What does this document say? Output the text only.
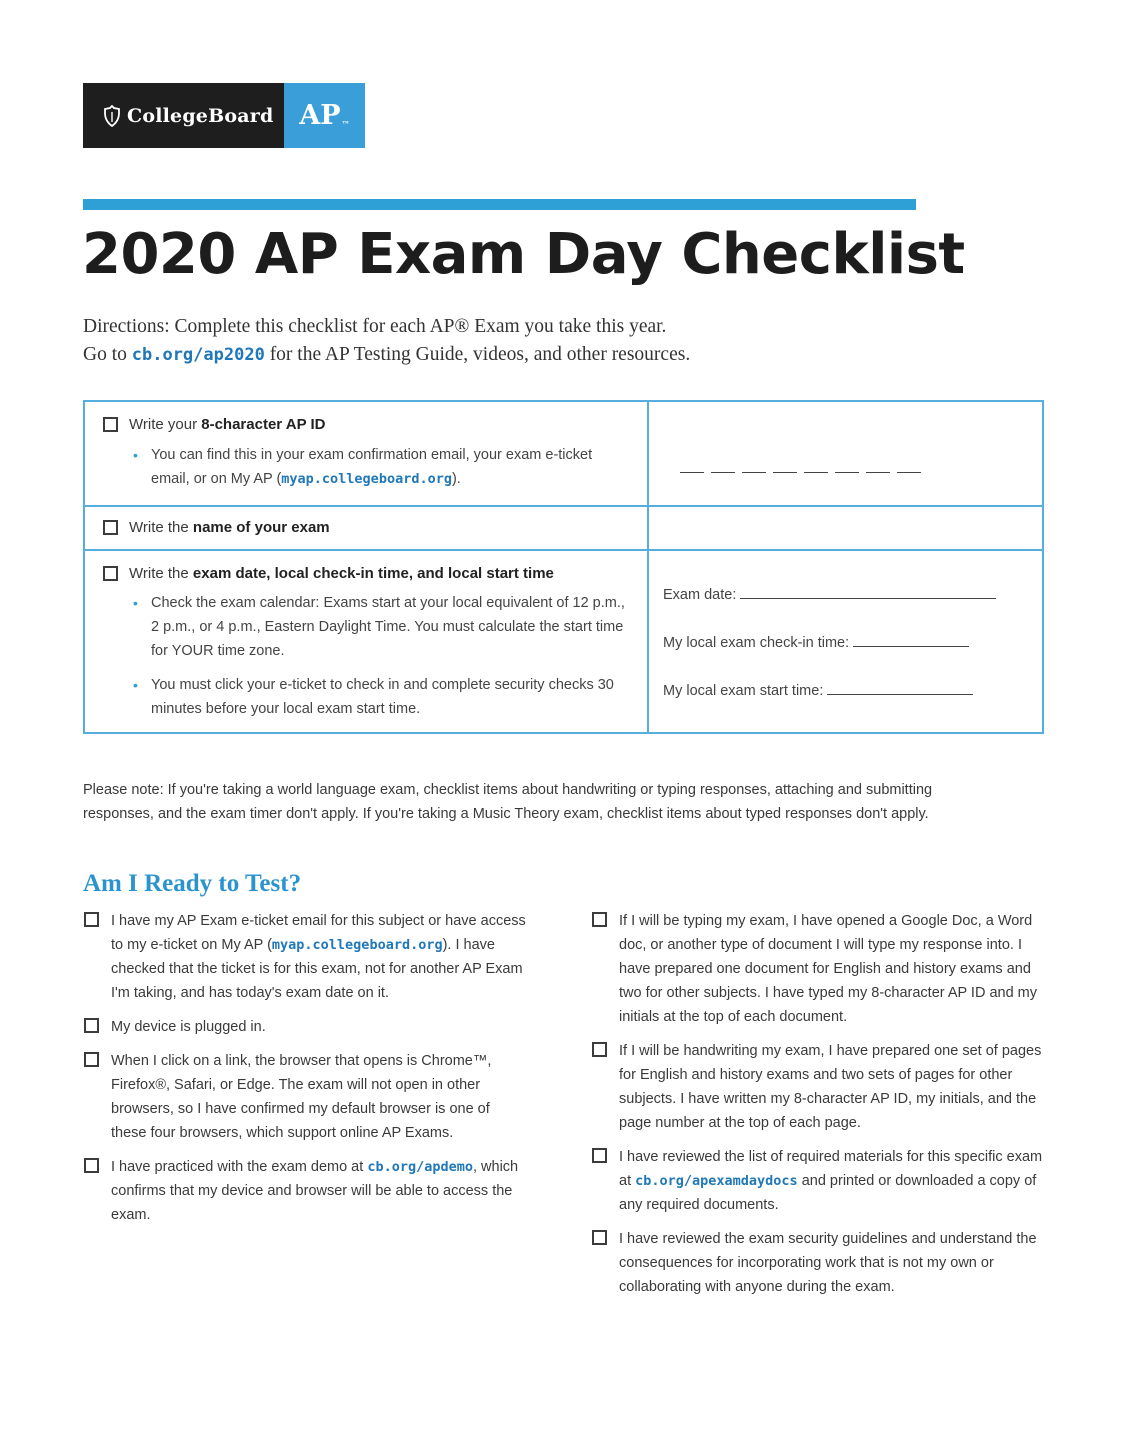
CollegeBoard AP™
2020 AP Exam Day Checklist
Directions: Complete this checklist for each AP® Exam you take this year.
Go to cb.org/ap2020 for the AP Testing Guide, videos, and other resources.
Write your 8-character AP ID
• You can find this in your exam confirmation email, your exam e-ticket email, or on My AP (myap.collegeboard.org).
Write the name of your exam
Write the exam date, local check-in time, and local start time
• Check the exam calendar: Exams start at your local equivalent of 12 p.m., 2 p.m., or 4 p.m., Eastern Daylight Time. You must calculate the start time for YOUR time zone.
• You must click your e-ticket to check in and complete security checks 30 minutes before your local exam start time.
Exam date:
My local exam check-in time:
My local exam start time:

Please note: If you're taking a world language exam, checklist items about handwriting or typing responses, attaching and submitting responses, and the exam timer don't apply. If you're taking a Music Theory exam, checklist items about typed responses don't apply.

Am I Ready to Test?
I have my AP Exam e-ticket email for this subject or have access to my e-ticket on My AP (myap.collegeboard.org). I have checked that the ticket is for this exam, not for another AP Exam I'm taking, and has today's exam date on it.
My device is plugged in.
When I click on a link, the browser that opens is Chrome™, Firefox®, Safari, or Edge. The exam will not open in other browsers, so I have confirmed my default browser is one of these four browsers, which support online AP Exams.
I have practiced with the exam demo at cb.org/apdemo, which confirms that my device and browser will be able to access the exam.
If I will be typing my exam, I have opened a Google Doc, a Word doc, or another type of document I will type my response into. I have prepared one document for English and history exams and two for other subjects. I have typed my 8-character AP ID and my initials at the top of each document.
If I will be handwriting my exam, I have prepared one set of pages for English and history exams and two sets of pages for other subjects. I have written my 8-character AP ID, my initials, and the page number at the top of each page.
I have reviewed the list of required materials for this specific exam at cb.org/apexamdaydocs and printed or downloaded a copy of any required documents.
I have reviewed the exam security guidelines and understand the consequences for incorporating work that is not my own or collaborating with anyone during the exam.
